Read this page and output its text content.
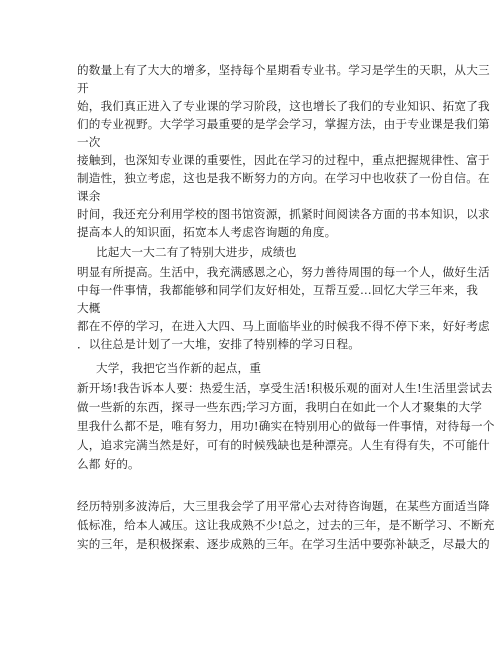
的数量上有了大大的增多，坚持每个星期看专业书。学习是学生的天职，从大三
开
始，我们真正进入了专业课的学习阶段，这也增长了我们的专业知识、拓宽了我
们的专业视野。大学学习最重要的是学会学习，掌握方法，由于专业课是我们第
一次
接触到，也深知专业课的重要性，因此在学习的过程中，重点把握规律性、富于
制造性，独立考虑，这也是我不断努力的方向。在学习中也收获了一份自信。在
课余
时间，我还充分利用学校的图书馆资源，抓紧时间阅读各方面的书本知识，以求
提高本人的知识面，拓宽本人考虑咨询题的角度。
比起大一大二有了特别大进步，成绩也
明显有所提高。生活中，我充满感恩之心，努力善待周围的每一个人，做好生活
中每一件事情，我都能够和同学们友好相处，互帮互爱…回忆大学三年来，我
大概
都在不停的学习，在进入大四、马上面临毕业的时候我不得不停下来，好好考虑
．以往总是计划了一大堆，安排了特别棒的学习日程。
大学，我把它当作新的起点，重
新开场!我告诉本人要：热爱生活，享受生活!积极乐观的面对人生!生活里尝试去
做一些新的东西，探寻一些东西;学习方面，我明白在如此一个人才聚集的大学
里我什么都不是，唯有努力，用功!确实在特别用心的做每一件事情，对待每一个
人，追求完满当然是好，可有的时候残缺也是种漂亮。人生有得有失，不可能什
么都 好的。
经历特别多波涛后，大三里我会学了用平常心去对待咨询题，在某些方面适当降
低标准，给本人减压。这让我成熟不少!总之，过去的三年，是不断学习、不断充
实的三年，是积极探索、逐步成熟的三年。在学习生活中要弥补缺乏，尽最大的
